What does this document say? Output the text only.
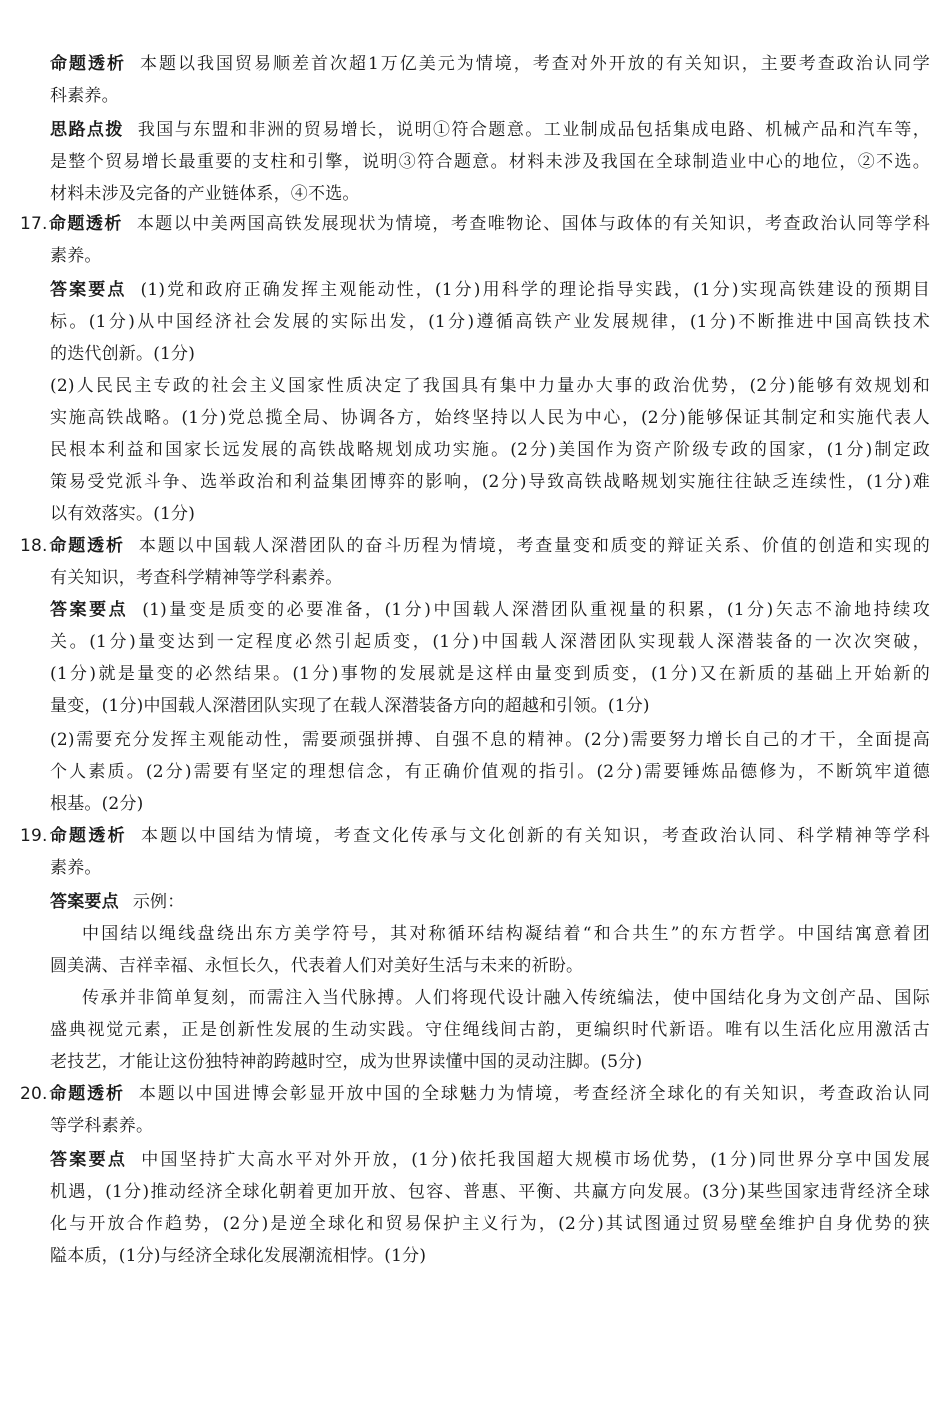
命题透析 本题以我国贸易顺差首次超1万亿美元为情境，考查对外开放的有关知识，主要考查政治认同学
科素养。
思路点拨 我国与东盟和非洲的贸易增长，说明①符合题意。工业制成品包括集成电路、机械产品和汽车等，
是整个贸易增长最重要的支柱和引擎，说明③符合题意。材料未涉及我国在全球制造业中心的地位，②不选。
材料未涉及完备的产业链体系，④不选。
17.命题透析 本题以中美两国高铁发展现状为情境，考查唯物论、国体与政体的有关知识，考查政治认同等学科
素养。
答案要点 (1)党和政府正确发挥主观能动性，(1分)用科学的理论指导实践，(1分)实现高铁建设的预期目
标。(1分)从中国经济社会发展的实际出发，(1分)遵循高铁产业发展规律，(1分)不断推进中国高铁技术
的迭代创新。(1分)
(2)人民民主专政的社会主义国家性质决定了我国具有集中力量办大事的政治优势，(2分)能够有效规划和
实施高铁战略。(1分)党总揽全局、协调各方，始终坚持以人民为中心，(2分)能够保证其制定和实施代表人
民根本利益和国家长远发展的高铁战略规划成功实施。(2分)美国作为资产阶级专政的国家，(1分)制定政
策易受党派斗争、选举政治和利益集团博弈的影响，(2分)导致高铁战略规划实施往往缺乏连续性，(1分)难
以有效落实。(1分)
18.命题透析 本题以中国载人深潜团队的奋斗历程为情境，考查量变和质变的辩证关系、价值的创造和实现的
有关知识，考查科学精神等学科素养。
答案要点 (1)量变是质变的必要准备，(1分)中国载人深潜团队重视量的积累，(1分)矢志不渝地持续攻
关。(1分)量变达到一定程度必然引起质变，(1分)中国载人深潜团队实现载人深潜装备的一次次突破，
(1分)就是量变的必然结果。(1分)事物的发展就是这样由量变到质变，(1分)又在新质的基础上开始新的
量变，(1分)中国载人深潜团队实现了在载人深潜装备方向的超越和引领。(1分)
(2)需要充分发挥主观能动性，需要顽强拼搏、自强不息的精神。(2分)需要努力增长自己的才干，全面提高
个人素质。(2分)需要有坚定的理想信念，有正确价值观的指引。(2分)需要锤炼品德修为，不断筑牢道德
根基。(2分)
19.命题透析 本题以中国结为情境，考查文化传承与文化创新的有关知识，考查政治认同、科学精神等学科
素养。
答案要点 示例：
中国结以绳线盘绕出东方美学符号，其对称循环结构凝结着“和合共生”的东方哲学。中国结寓意着团
圆美满、吉祥幸福、永恒长久，代表着人们对美好生活与未来的祈盼。
传承并非简单复刻，而需注入当代脉搏。人们将现代设计融入传统编法，使中国结化身为文创产品、国际
盛典视觉元素，正是创新性发展的生动实践。守住绳线间古韵，更编织时代新语。唯有以生活化应用激活古
老技艺，才能让这份独特神韵跨越时空，成为世界读懂中国的灵动注脚。(5分)
20.命题透析 本题以中国进博会彰显开放中国的全球魅力为情境，考查经济全球化的有关知识，考查政治认同
等学科素养。
答案要点 中国坚持扩大高水平对外开放，(1分)依托我国超大规模市场优势，(1分)同世界分享中国发展
机遇，(1分)推动经济全球化朝着更加开放、包容、普惠、平衡、共赢方向发展。(3分)某些国家违背经济全球
化与开放合作趋势，(2分)是逆全球化和贸易保护主义行为，(2分)其试图通过贸易壁垒维护自身优势的狭
隘本质，(1分)与经济全球化发展潮流相悖。(1分)
